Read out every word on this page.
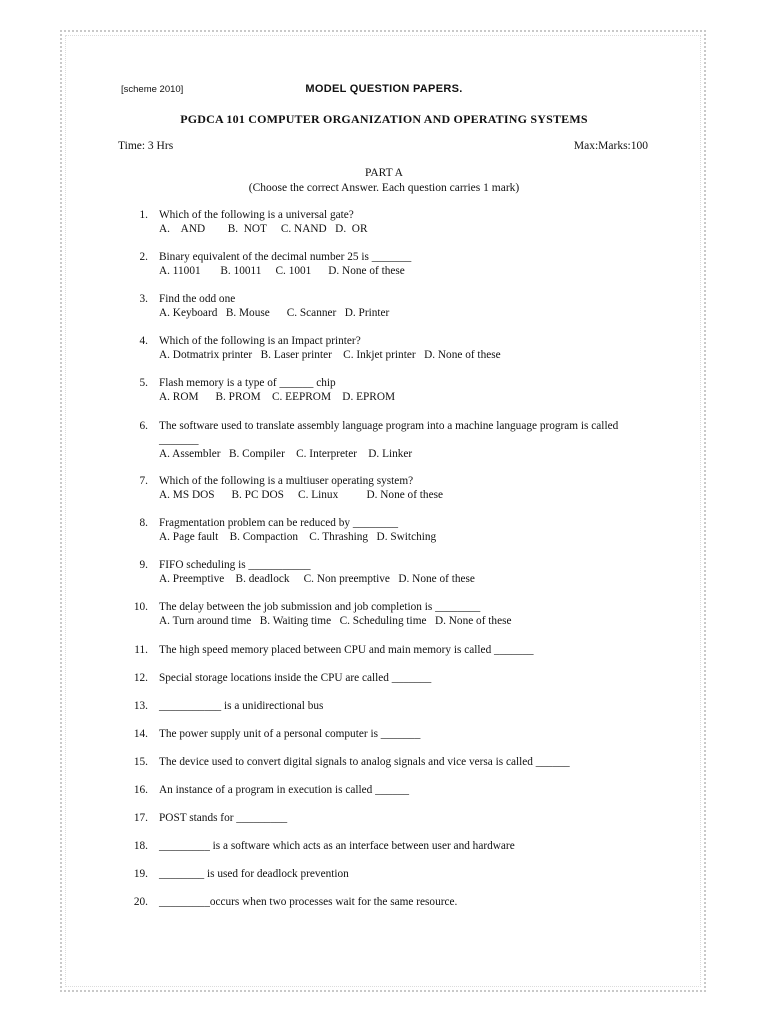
[scheme 2010]	MODEL QUESTION PAPERS.
PGDCA 101 COMPUTER ORGANIZATION AND OPERATING SYSTEMS
Time: 3 Hrs	Max:Marks:100
PART A
(Choose the correct Answer. Each question carries 1 mark)
1. Which of the following is a universal gate?
A.    AND        B.  NOT     C. NAND   D.  OR
2. Binary equivalent of the decimal number 25 is _______
A. 11001       B. 10011     C. 1001      D. None of these
3. Find the odd one
A. Keyboard   B. Mouse      C. Scanner   D. Printer
4. Which of the following is an Impact printer?
A. Dotmatrix printer   B. Laser printer    C. Inkjet printer   D. None of these
5. Flash memory is a type of ______ chip
A. ROM      B. PROM    C. EEPROM    D. EPROM
6. The software used to translate assembly language program into a machine language program is called
_______
A. Assembler   B. Compiler    C. Interpreter    D. Linker
7. Which of the following is a multiuser operating system?
A. MS DOS      B. PC DOS     C. Linux          D. None of these
8. Fragmentation problem can be reduced by ________
A. Page fault    B. Compaction    C. Thrashing   D. Switching
9. FIFO scheduling is ___________
A. Preemptive    B. deadlock     C. Non preemptive   D. None of these
10. The delay between the job submission and job completion is ________
A. Turn around time   B. Waiting time   C. Scheduling time   D. None of these
11. The high speed memory placed between CPU and main memory is called _______
12. Special storage locations inside the CPU are called _______
13. ___________ is a unidirectional bus
14. The power supply unit of a personal computer is _______
15. The device used to convert digital signals to analog signals and vice versa is called ______
16. An instance of a program in execution is called ______
17. POST stands for _________
18. _________ is a software which acts as an interface between user and hardware
19. ________ is used for deadlock prevention
20. _________occurs when two processes wait for the same resource.
